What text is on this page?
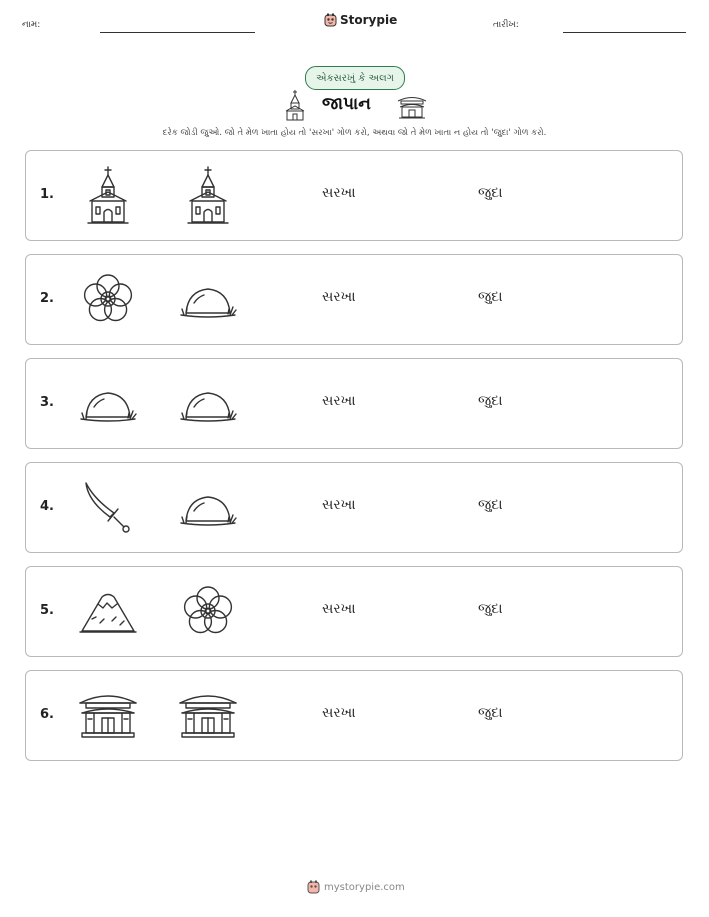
નામ:	Storypie	તારીખ:
એકસરખું કે અલગ
જાપાન
દરેક જોડી જુઓ. જો તે મેળ ખાતા હોય તો 'સરખા' ગોળ કરો, અથવા જો તે મેળ ખાતા ન હોય તો 'જુદા' ગોળ કરો.
1.	સરખા	જુદા
2.	સરખા	જુદા
3.	સરખા	જુદા
4.	સરખા	જુદા
5.	સરખા	જુદા
6.	સરખા	જુદા
mystorypie.com
